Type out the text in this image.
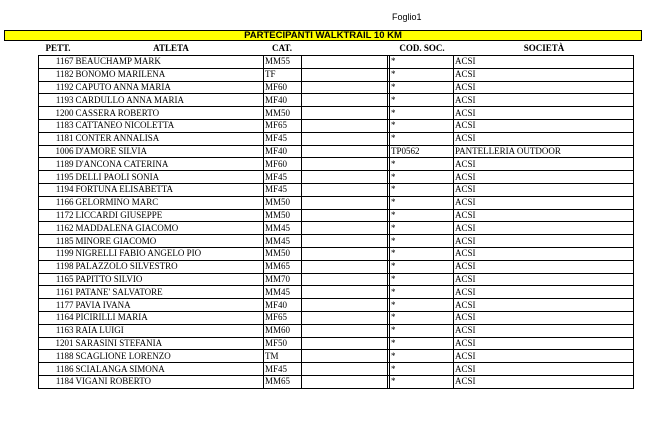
Foglio1
PARTECIPANTI WALKTRAIL 10 KM
PETT.	ATLETA	CAT.	COD. SOC.	SOCIETÀ
1167	BEAUCHAMP MARK	MM55			*	ACSI
1182	BONOMO MARILENA	TF			*	ACSI
1192	CAPUTO ANNA MARIA	MF60			*	ACSI
1193	CARDULLO ANNA MARIA	MF40			*	ACSI
1200	CASSERA ROBERTO	MM50			*	ACSI
1183	CATTANEO NICOLETTA	MF65			*	ACSI
1181	CONTER ANNALISA	MF45			*	ACSI
1006	D'AMORE SILVIA	MF40			TP0562	PANTELLERIA OUTDOOR
1189	D'ANCONA CATERINA	MF60			*	ACSI
1195	DELLI PAOLI SONIA	MF45			*	ACSI
1194	FORTUNA ELISABETTA	MF45			*	ACSI
1166	GELORMINO MARC	MM50			*	ACSI
1172	LICCARDI GIUSEPPE	MM50			*	ACSI
1162	MADDALENA GIACOMO	MM45			*	ACSI
1185	MINORE GIACOMO	MM45			*	ACSI
1199	NIGRELLI FABIO ANGELO PIO	MM50			*	ACSI
1198	PALAZZOLO SILVESTRO	MM65			*	ACSI
1165	PAPITTO SILVIO	MM70			*	ACSI
1161	PATANE' SALVATORE	MM45			*	ACSI
1177	PAVIA IVANA	MF40			*	ACSI
1164	PICIRILLI MARIA	MF65			*	ACSI
1163	RAIA LUIGI	MM60			*	ACSI
1201	SARASINI STEFANIA	MF50			*	ACSI
1188	SCAGLIONE LORENZO	TM			*	ACSI
1186	SCIALANGA SIMONA	MF45			*	ACSI
1184	VIGANI ROBERTO	MM65			*	ACSI
